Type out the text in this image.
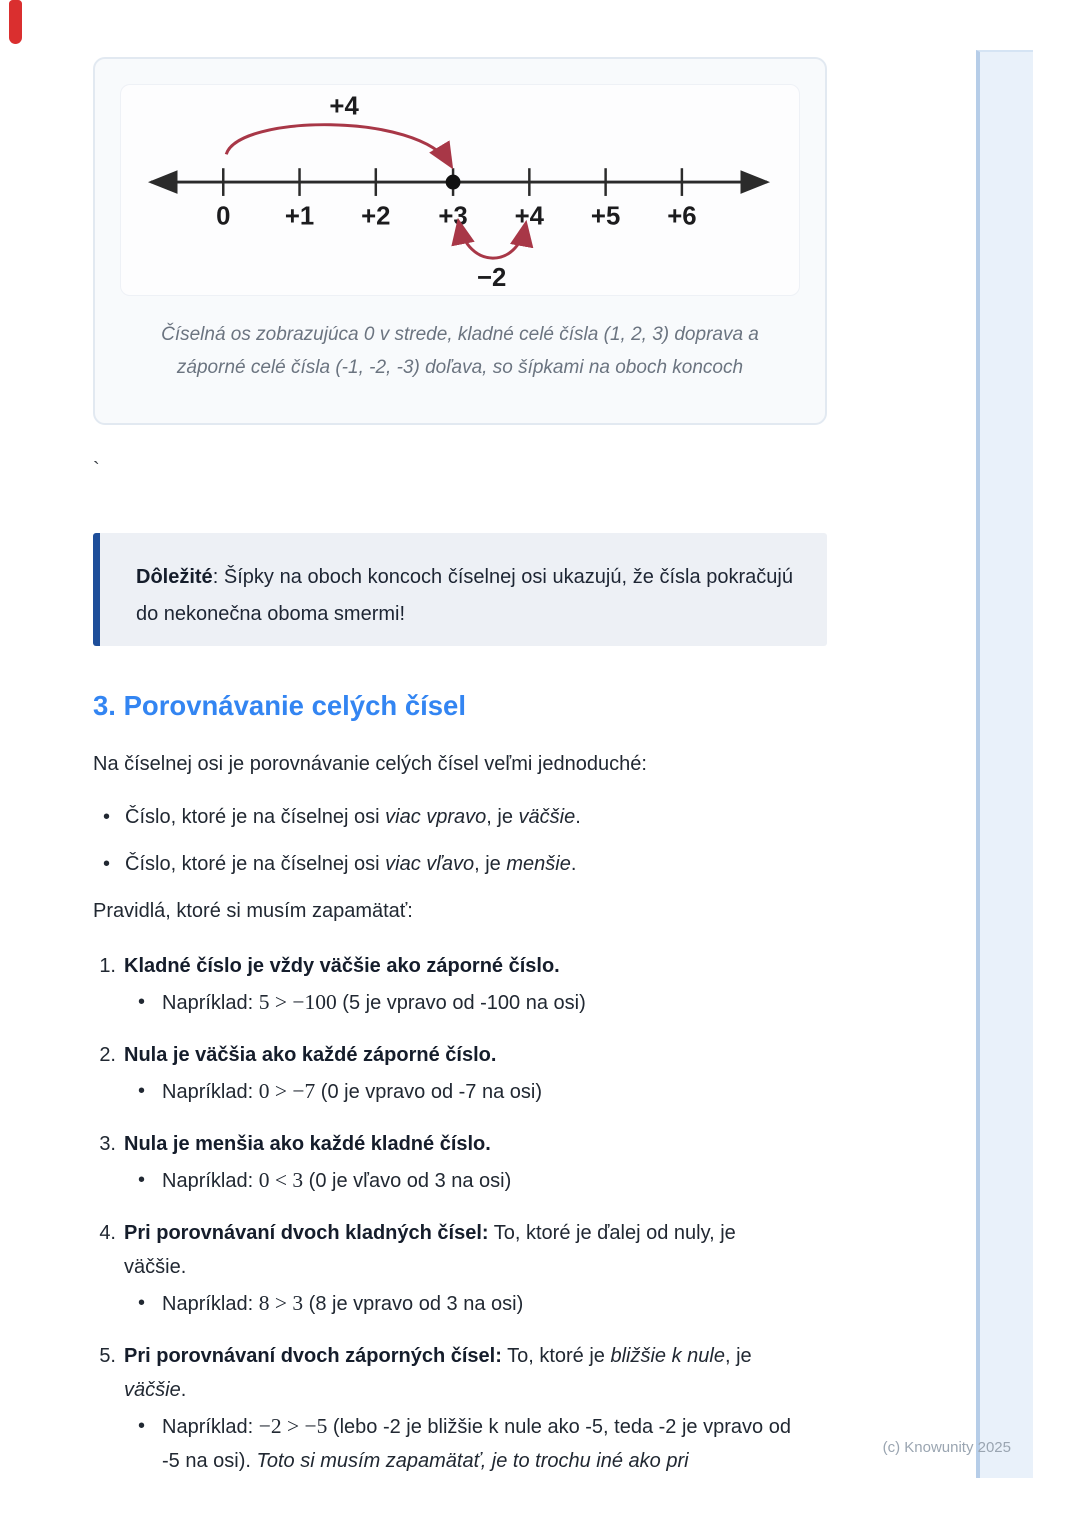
(c) Knowunity 2025
0 +1 +2 +3 +4 +5 +6
+4
−2
Číselná os zobrazujúca 0 v strede, kladné celé čísla (1, 2, 3) doprava a
záporné celé čísla (-1, -2, -3) doľava, so šípkami na oboch koncoch
`

Dôležité: Šípky na oboch koncoch číselnej osi ukazujú, že čísla pokračujú do nekonečna oboma smermi!

3. Porovnávanie celých čísel

Na číselnej osi je porovnávanie celých čísel veľmi jednoduché:

• Číslo, ktoré je na číselnej osi viac vpravo, je väčšie.
• Číslo, ktoré je na číselnej osi viac vľavo, je menšie.

Pravidlá, ktoré si musím zapamätať:

1. Kladné číslo je vždy väčšie ako záporné číslo.

• Napríklad: 5 > −100 (5 je vpravo od -100 na osi)
2. Nula je väčšia ako každé záporné číslo.

• Napríklad: 0 > −7 (0 je vpravo od -7 na osi)
3. Nula je menšia ako každé kladné číslo.

• Napríklad: 0 < 3 (0 je vľavo od 3 na osi)
4. Pri porovnávaní dvoch kladných čísel: To, ktoré je ďalej od nuly, je väčšie.

• Napríklad: 8 > 3 (8 je vpravo od 3 na osi)
5. Pri porovnávaní dvoch záporných čísel: To, ktoré je bližšie k nule, je väčšie.

• Napríklad: −2 > −5 (lebo -2 je bližšie k nule ako -5, teda -2 je vpravo od -5 na osi). Toto si musím zapamätať, je to trochu iné ako pri
